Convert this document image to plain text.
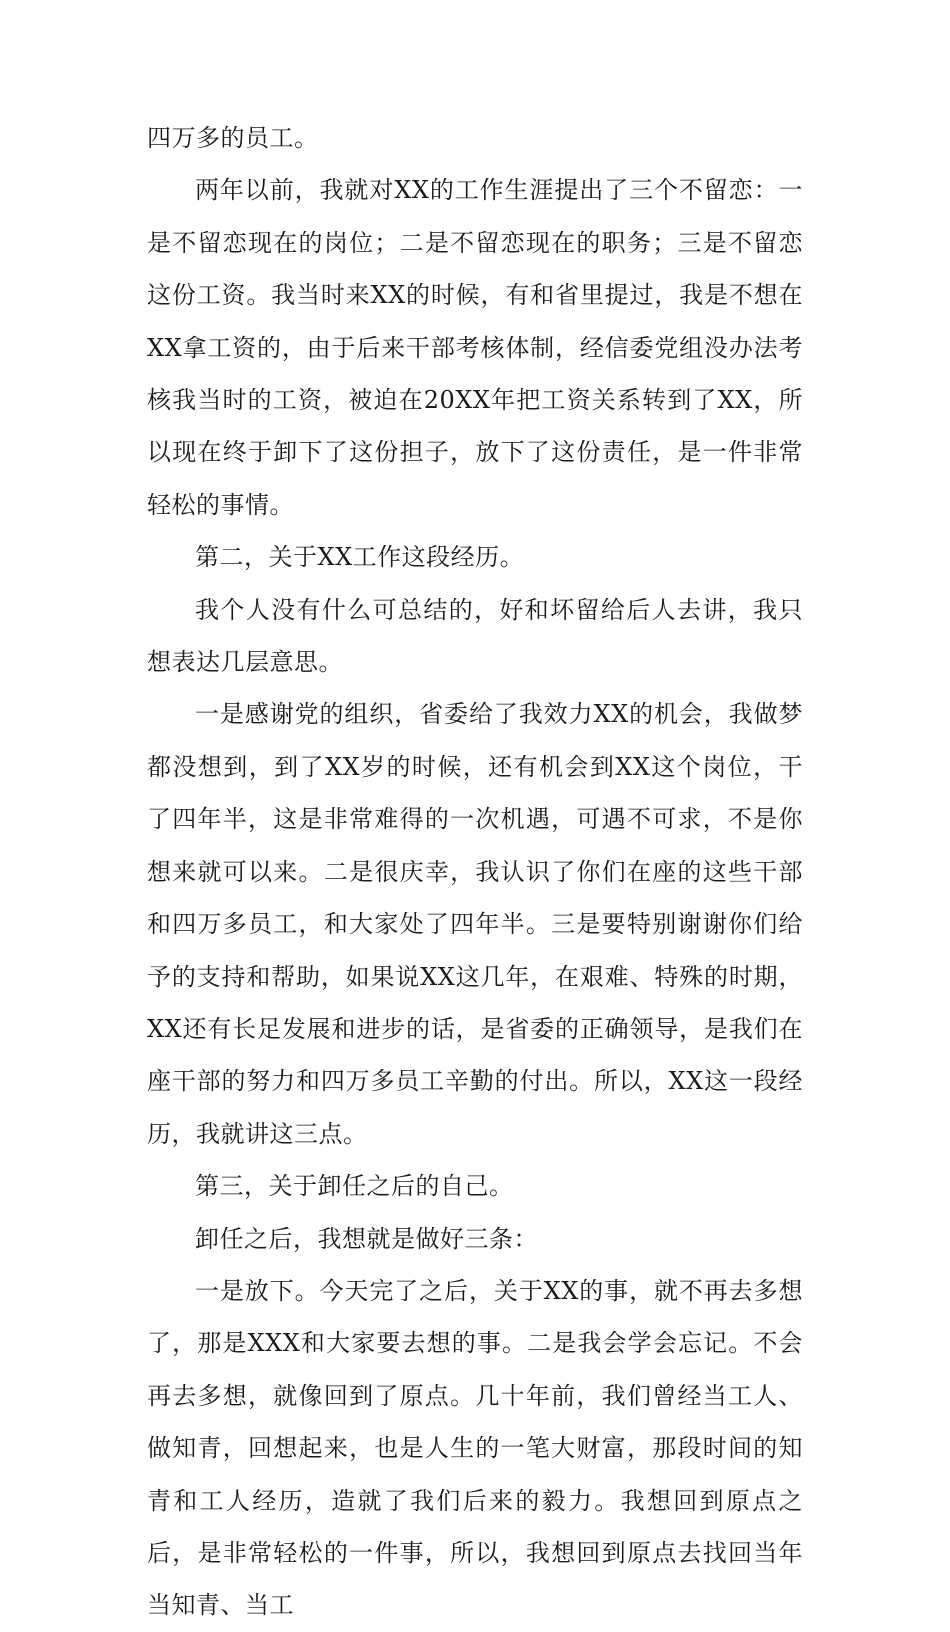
四万多的员工。

两年以前，我就对XX的工作生涯提出了三个不留恋：一是不留恋现在的岗位；二是不留恋现在的职务；三是不留恋这份工资。我当时来XX的时候，有和省里提过，我是不想在XX拿工资的，由于后来干部考核体制，经信委党组没办法考核我当时的工资，被迫在20XX年把工资关系转到了XX，所以现在终于卸下了这份担子，放下了这份责任，是一件非常轻松的事情。

第二，关于XX工作这段经历。

我个人没有什么可总结的，好和坏留给后人去讲，我只想表达几层意思。

一是感谢党的组织，省委给了我效力XX的机会，我做梦都没想到，到了XX岁的时候，还有机会到XX这个岗位，干了四年半，这是非常难得的一次机遇，可遇不可求，不是你想来就可以来。二是很庆幸，我认识了你们在座的这些干部和四万多员工，和大家处了四年半。三是要特别谢谢你们给予的支持和帮助，如果说XX这几年，在艰难、特殊的时期，XX还有长足发展和进步的话，是省委的正确领导，是我们在座干部的努力和四万多员工辛勤的付出。所以，XX这一段经历，我就讲这三点。

第三，关于卸任之后的自己。

卸任之后，我想就是做好三条：

一是放下。今天完了之后，关于XX的事，就不再去多想了，那是XXX和大家要去想的事。二是我会学会忘记。不会再去多想，就像回到了原点。几十年前，我们曾经当工人、做知青，回想起来，也是人生的一笔大财富，那段时间的知青和工人经历，造就了我们后来的毅力。我想回到原点之后，是非常轻松的一件事，所以，我想回到原点去找回当年当知青、当工
